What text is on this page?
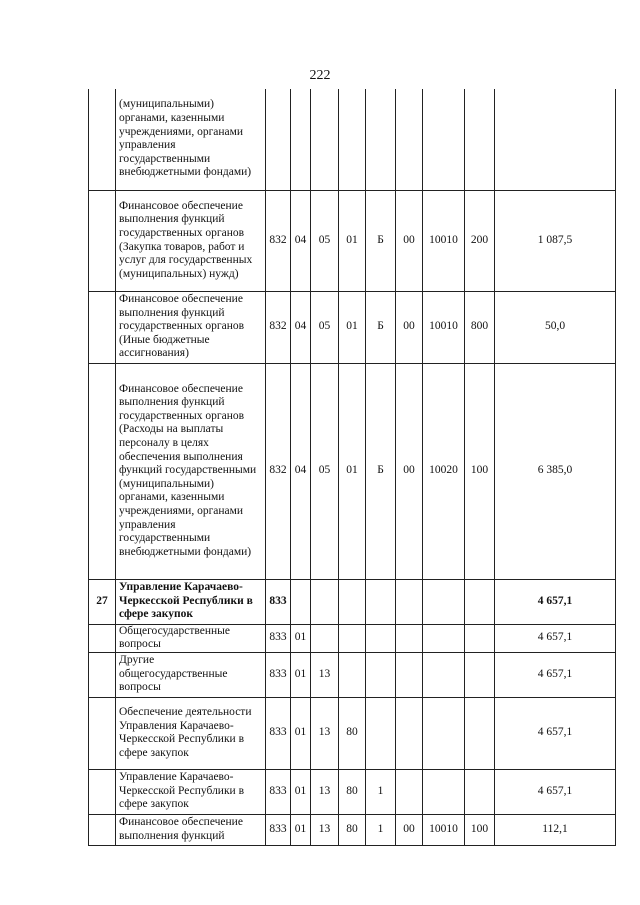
222
	(муниципальными) органами, казенными учреждениями, органами управления государственными внебюджетными фондами)									
	Финансовое обеспечение выполнения функций государственных органов (Закупка товаров, работ и услуг для государственных (муниципальных) нужд)	832	04	05	01	Б	00	10010	200	1 087,5
	Финансовое обеспечение выполнения функций государственных органов (Иные бюджетные ассигнования)	832	04	05	01	Б	00	10010	800	50,0
	Финансовое обеспечение выполнения функций государственных органов (Расходы на выплаты персоналу в целях обеспечения выполнения функций государственными (муниципальными) органами, казенными учреждениями, органами управления государственными внебюджетными фондами)	832	04	05	01	Б	00	10020	100	6 385,0
27	Управление Карачаево-Черкесской Республики в сфере закупок	833								4 657,1
	Общегосударственные вопросы	833	01							4 657,1
	Другие общегосударственные вопросы	833	01	13						4 657,1
	Обеспечение деятельности Управления Карачаево-Черкесской Республики в сфере закупок	833	01	13	80					4 657,1
	Управление Карачаево-Черкесской Республики в сфере закупок	833	01	13	80	1				4 657,1
	Финансовое обеспечение выполнения функций	833	01	13	80	1	00	10010	100	112,1
